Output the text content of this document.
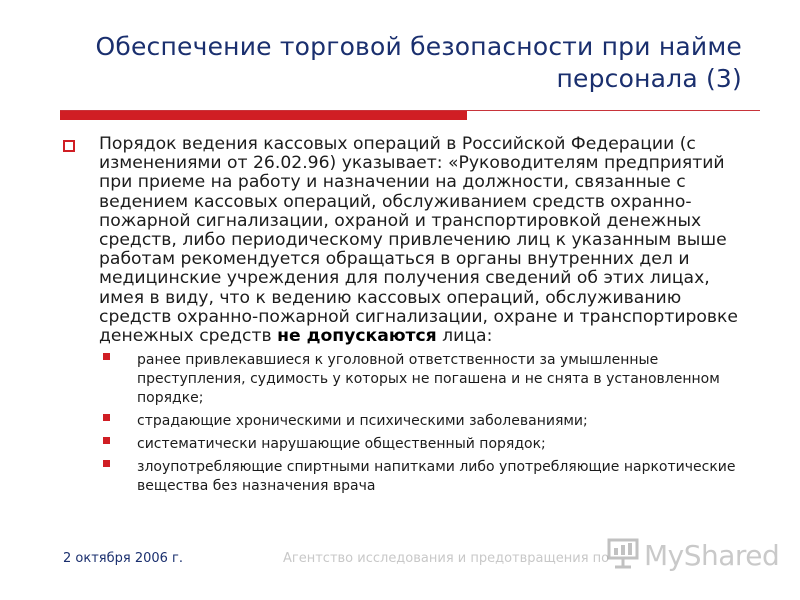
Обеспечение торговой безопасности при найме персонала (3)
Порядок ведения кассовых операций в Российской Федерации (с изменениями от 26.02.96) указывает: «Руководителям предприятий при приеме на работу и назначении на должности, связанные с ведением кассовых операций, обслуживанием средств охранно-пожарной сигнализации, охраной и транспортировкой денежных средств, либо периодическому привлечению лиц к указанным выше работам рекомендуется обращаться в органы внутренних дел и медицинские учреждения для получения сведений об этих лицах, имея в виду, что к ведению кассовых операций, обслуживанию средств охранно-пожарной сигнализации, охране и транспортировке денежных средств не допускаются лица:
ранее привлекавшиеся к уголовной ответственности за умышленные преступления, судимость у которых не погашена и не снята в установленном порядке;
страдающие хроническими и психическими заболеваниями;
систематически нарушающие общественный порядок;
злоупотребляющие спиртными напитками либо употребляющие наркотические вещества без назначения врача
2 октября 2006 г.	Агентство исследования и предотвращения по MyShared
